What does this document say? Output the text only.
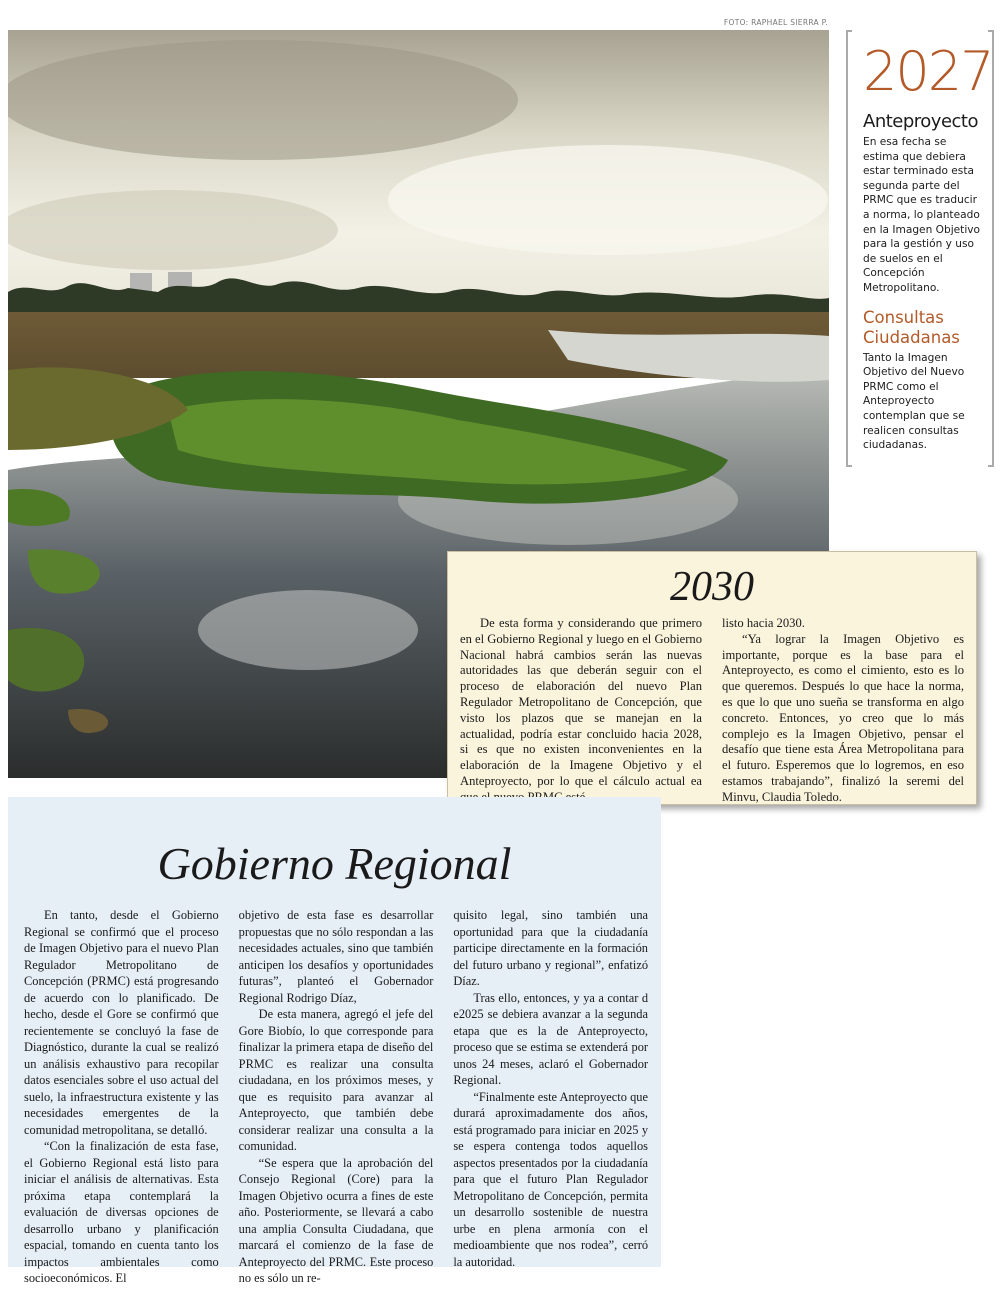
FOTO: RAPHAEL SIERRA P.
2027
Anteproyecto
En esa fecha se estima que debiera estar terminado esta segunda parte del PRMC que es traducir a norma, lo planteado en la Imagen Objetivo para la gestión y uso de suelos en el Concepción Metropolitano.
Consultas Ciudadanas
Tanto la Imagen Objetivo del Nuevo PRMC como el Anteproyecto contemplan que se realicen consultas ciudadanas.
2030

De esta forma y considerando que primero en el Gobierno Regional y luego en el Gobierno Nacional habrá cambios serán las nuevas autoridades las que deberán seguir con el proceso de elaboración del nuevo Plan Regulador Metropolitano de Concepción, que visto los plazos que se manejan en la actualidad, podría estar concluido hacia 2028, si es que no existen inconvenientes en la elaboración de la Imagene Objetivo y el Anteproyecto, por lo que el cálculo actual ea

listo hacia 2030.

“Ya lograr la Imagen Objetivo es importante, porque es la base para el Anteproyecto, es como el cimiento, esto es lo que queremos. Después lo que hace la norma, es que lo que uno sueña se transforma en algo concreto. Entonces, yo creo que lo más complejo es la Imagen Objetivo, pensar el desafío que tiene esta Área Metropolitana para el futuro. Esperemos que lo logremos, en eso estamos trabajando”, finalizó la seremi del Minvu, Claudia Toledo.

Gobierno Regional

En tanto, desde el Gobierno Regional se confirmó que el proceso de Imagen Objetivo para el nuevo Plan Regulador Metropolitano de Concepción (PRMC) está progresando de acuerdo con lo planificado. De hecho, desde el Gore se confirmó que recientemente se concluyó la fase de Diagnóstico, durante la cual se realizó un análisis exhaustivo para recopilar datos esenciales sobre el uso actual del suelo, la infraestructura existente y las necesidades emergentes de la comunidad metropolitana, se detalló.

“Con la finalización de esta fase, el Gobierno Regional está listo para iniciar el análisis de alternativas. Esta próxima etapa contemplará la evaluación de diversas opciones de desarrollo urbano y planificación espacial, tomando en cuenta tanto los impactos ambientales como socioeconómicos. El

objetivo de esta fase es desarrollar propuestas que no sólo respondan a las necesidades actuales, sino que también anticipen los desafíos y oportunidades futuras”, planteó el Gobernador Regional Rodrigo Díaz,

De esta manera, agregó el jefe del Gore Biobío, lo que corresponde para finalizar la primera etapa de diseño del PRMC es realizar una consulta ciudadana, en los próximos meses, y que es requisito para avanzar al Anteproyecto, que también debe considerar realizar una consulta a la comunidad.

“Se espera que la aprobación del Consejo Regional (Core) para la Imagen Objetivo ocurra a fines de este año. Posteriormente, se llevará a cabo una amplia Consulta Ciudadana, que marcará el comienzo de la fase de Anteproyecto del PRMC. Este proceso no es sólo un re-

quisito legal, sino también una oportunidad para que la ciudadanía participe directamente en la formación del futuro urbano y regional”, enfatizó Díaz.

Tras ello, entonces, y ya a contar d e2025 se debiera avanzar a la segunda etapa que es la de Anteproyecto, proceso que se estima se extenderá por unos 24 meses, aclaró el Gobernador Regional.

“Finalmente este Anteproyecto que durará aproximadamente dos años, está programado para iniciar en 2025 y se espera contenga todos aquellos aspectos presentados por la ciudadanía para que el futuro Plan Regulador Metropolitano de Concepción, permita un desarrollo sostenible de nuestra urbe en plena armonía con el medioambiente que nos rodea”, cerró la autoridad.
